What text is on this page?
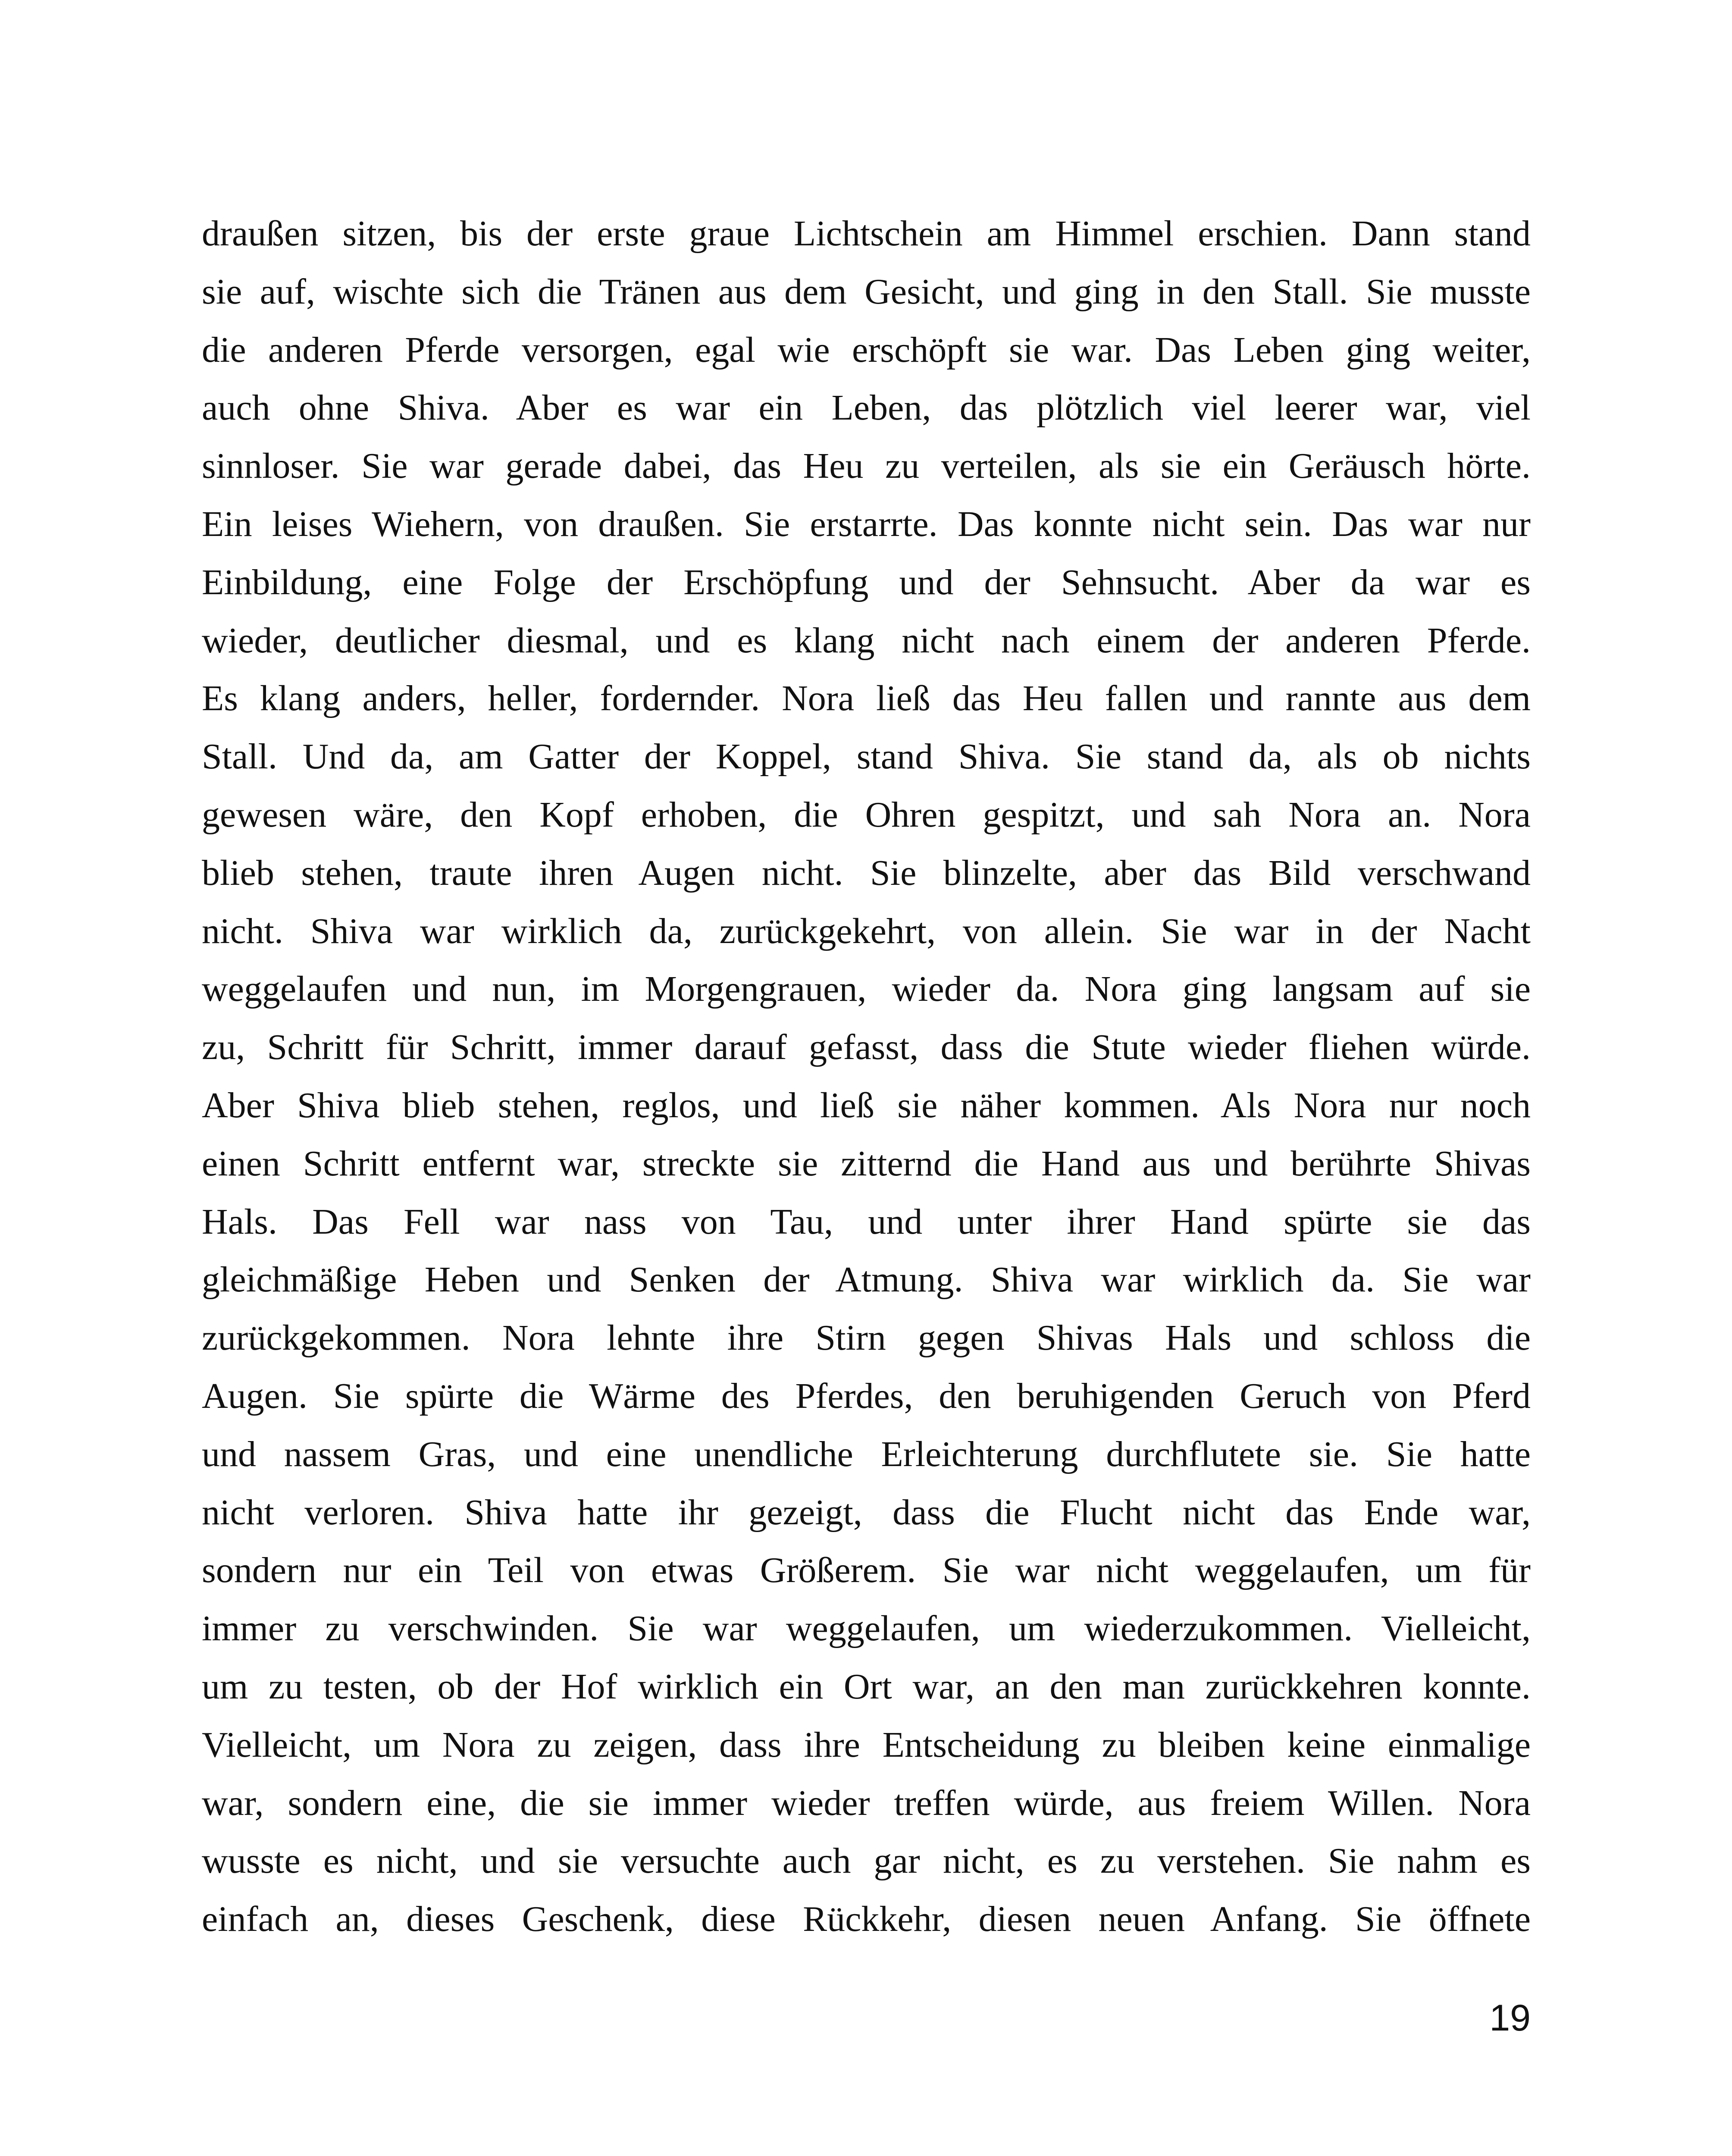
draußen sitzen, bis der erste graue Lichtschein am Himmel erschien. Dann stand
sie auf, wischte sich die Tränen aus dem Gesicht, und ging in den Stall. Sie musste
die anderen Pferde versorgen, egal wie erschöpft sie war. Das Leben ging weiter,
auch ohne Shiva. Aber es war ein Leben, das plötzlich viel leerer war, viel
sinnloser. Sie war gerade dabei, das Heu zu verteilen, als sie ein Geräusch hörte.
Ein leises Wiehern, von draußen. Sie erstarrte. Das konnte nicht sein. Das war nur
Einbildung, eine Folge der Erschöpfung und der Sehnsucht. Aber da war es
wieder, deutlicher diesmal, und es klang nicht nach einem der anderen Pferde.
Es klang anders, heller, fordernder. Nora ließ das Heu fallen und rannte aus dem
Stall. Und da, am Gatter der Koppel, stand Shiva. Sie stand da, als ob nichts
gewesen wäre, den Kopf erhoben, die Ohren gespitzt, und sah Nora an. Nora
blieb stehen, traute ihren Augen nicht. Sie blinzelte, aber das Bild verschwand
nicht. Shiva war wirklich da, zurückgekehrt, von allein. Sie war in der Nacht
weggelaufen und nun, im Morgengrauen, wieder da. Nora ging langsam auf sie
zu, Schritt für Schritt, immer darauf gefasst, dass die Stute wieder fliehen würde.
Aber Shiva blieb stehen, reglos, und ließ sie näher kommen. Als Nora nur noch
einen Schritt entfernt war, streckte sie zitternd die Hand aus und berührte Shivas
Hals. Das Fell war nass von Tau, und unter ihrer Hand spürte sie das
gleichmäßige Heben und Senken der Atmung. Shiva war wirklich da. Sie war
zurückgekommen. Nora lehnte ihre Stirn gegen Shivas Hals und schloss die
Augen. Sie spürte die Wärme des Pferdes, den beruhigenden Geruch von Pferd
und nassem Gras, und eine unendliche Erleichterung durchflutete sie. Sie hatte
nicht verloren. Shiva hatte ihr gezeigt, dass die Flucht nicht das Ende war,
sondern nur ein Teil von etwas Größerem. Sie war nicht weggelaufen, um für
immer zu verschwinden. Sie war weggelaufen, um wiederzukommen. Vielleicht,
um zu testen, ob der Hof wirklich ein Ort war, an den man zurückkehren konnte.
Vielleicht, um Nora zu zeigen, dass ihre Entscheidung zu bleiben keine einmalige
war, sondern eine, die sie immer wieder treffen würde, aus freiem Willen. Nora
wusste es nicht, und sie versuchte auch gar nicht, es zu verstehen. Sie nahm es
einfach an, dieses Geschenk, diese Rückkehr, diesen neuen Anfang. Sie öffnete
19
